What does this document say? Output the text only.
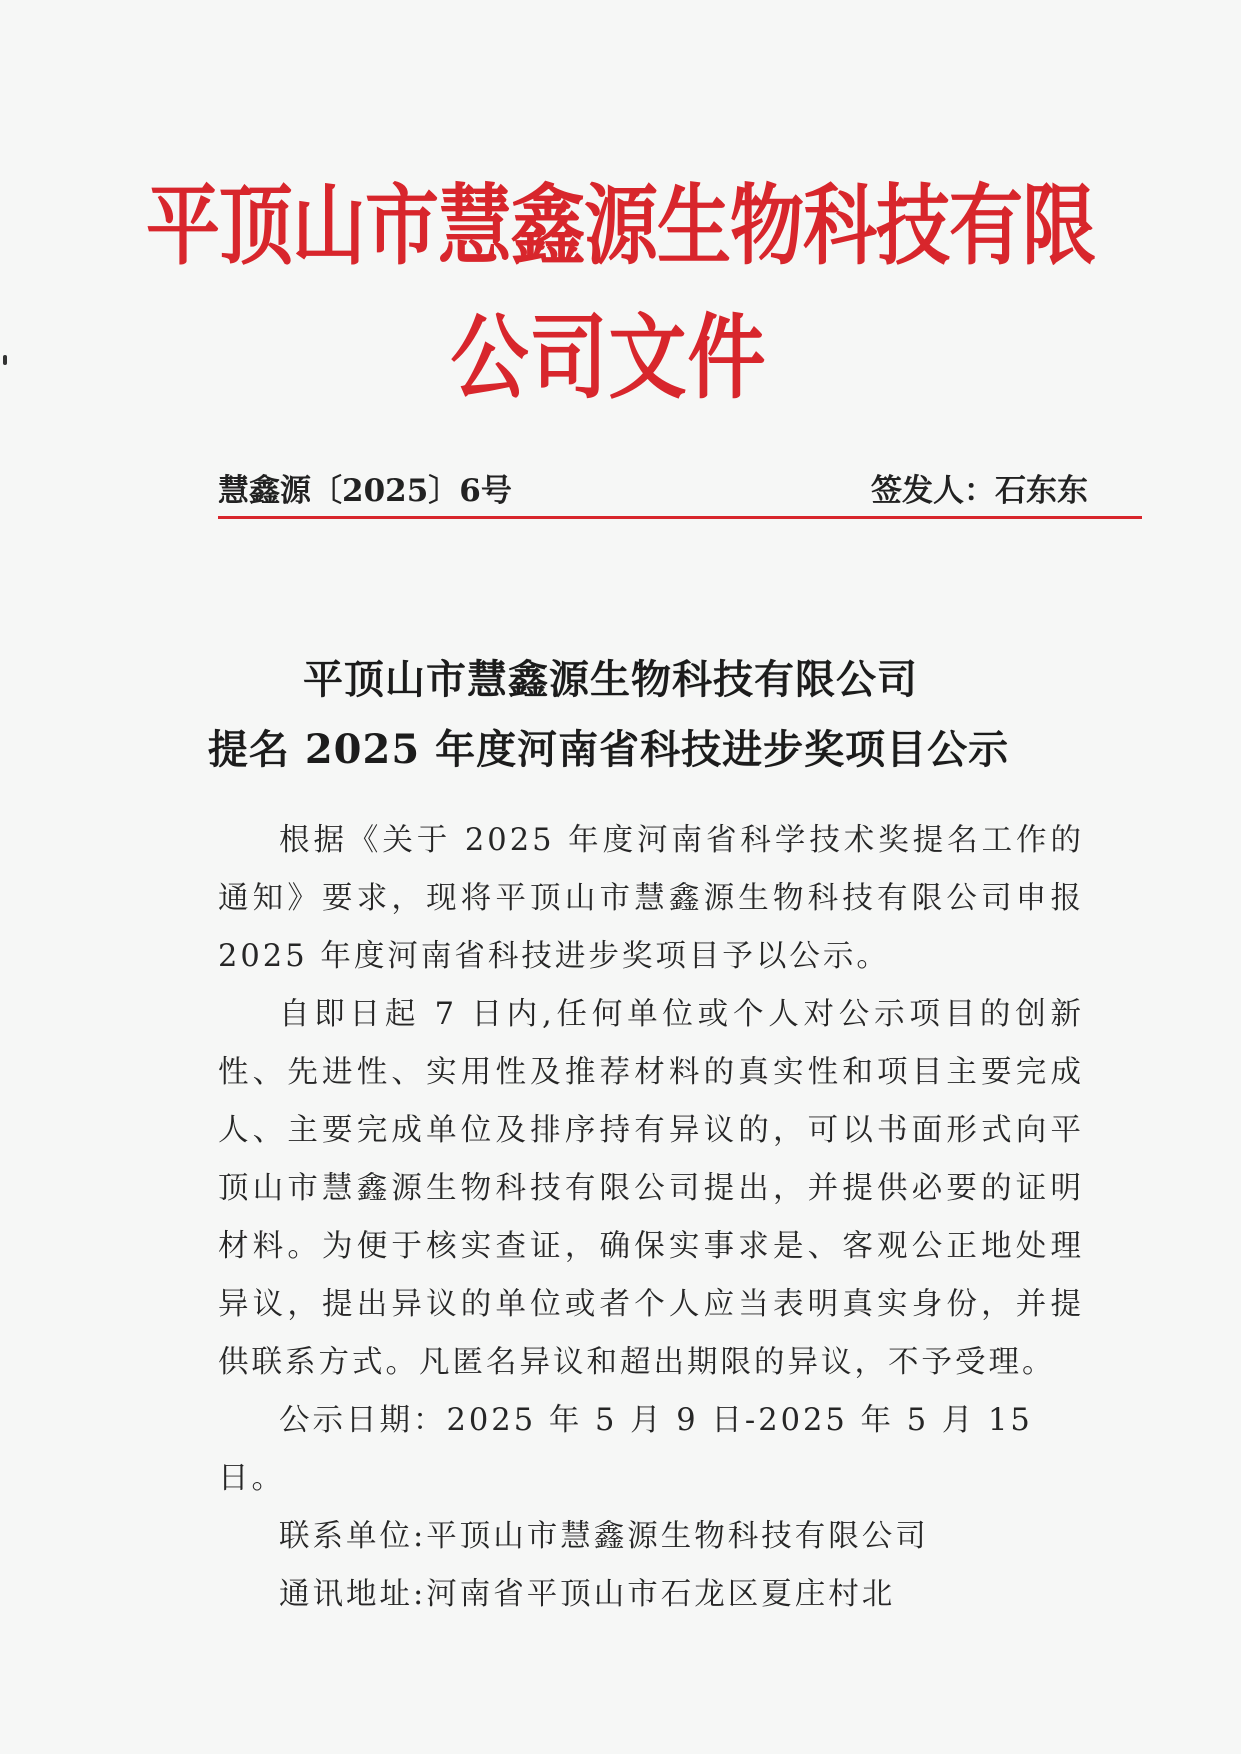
平顶山市慧鑫源生物科技有限
公司文件
慧鑫源〔2025〕6号	签发人：石东东
平顶山市慧鑫源生物科技有限公司
提名 2025 年度河南省科技进步奖项目公示

根据《关于 2025 年度河南省科学技术奖提名工作的通知》要求，现将平顶山市慧鑫源生物科技有限公司申报 2025 年度河南省科技进步奖项目予以公示。

自即日起 7 日内,任何单位或个人对公示项目的创新性、先进性、实用性及推荐材料的真实性和项目主要完成人、主要完成单位及排序持有异议的，可以书面形式向平顶山市慧鑫源生物科技有限公司提出，并提供必要的证明材料。为便于核实查证，确保实事求是、客观公正地处理异议，提出异议的单位或者个人应当表明真实身份，并提供联系方式。凡匿名异议和超出期限的异议，不予受理。

公示日期：2025 年 5 月 9 日-2025 年 5 月 15 日。

联系单位:平顶山市慧鑫源生物科技有限公司

通讯地址:河南省平顶山市石龙区夏庄村北
